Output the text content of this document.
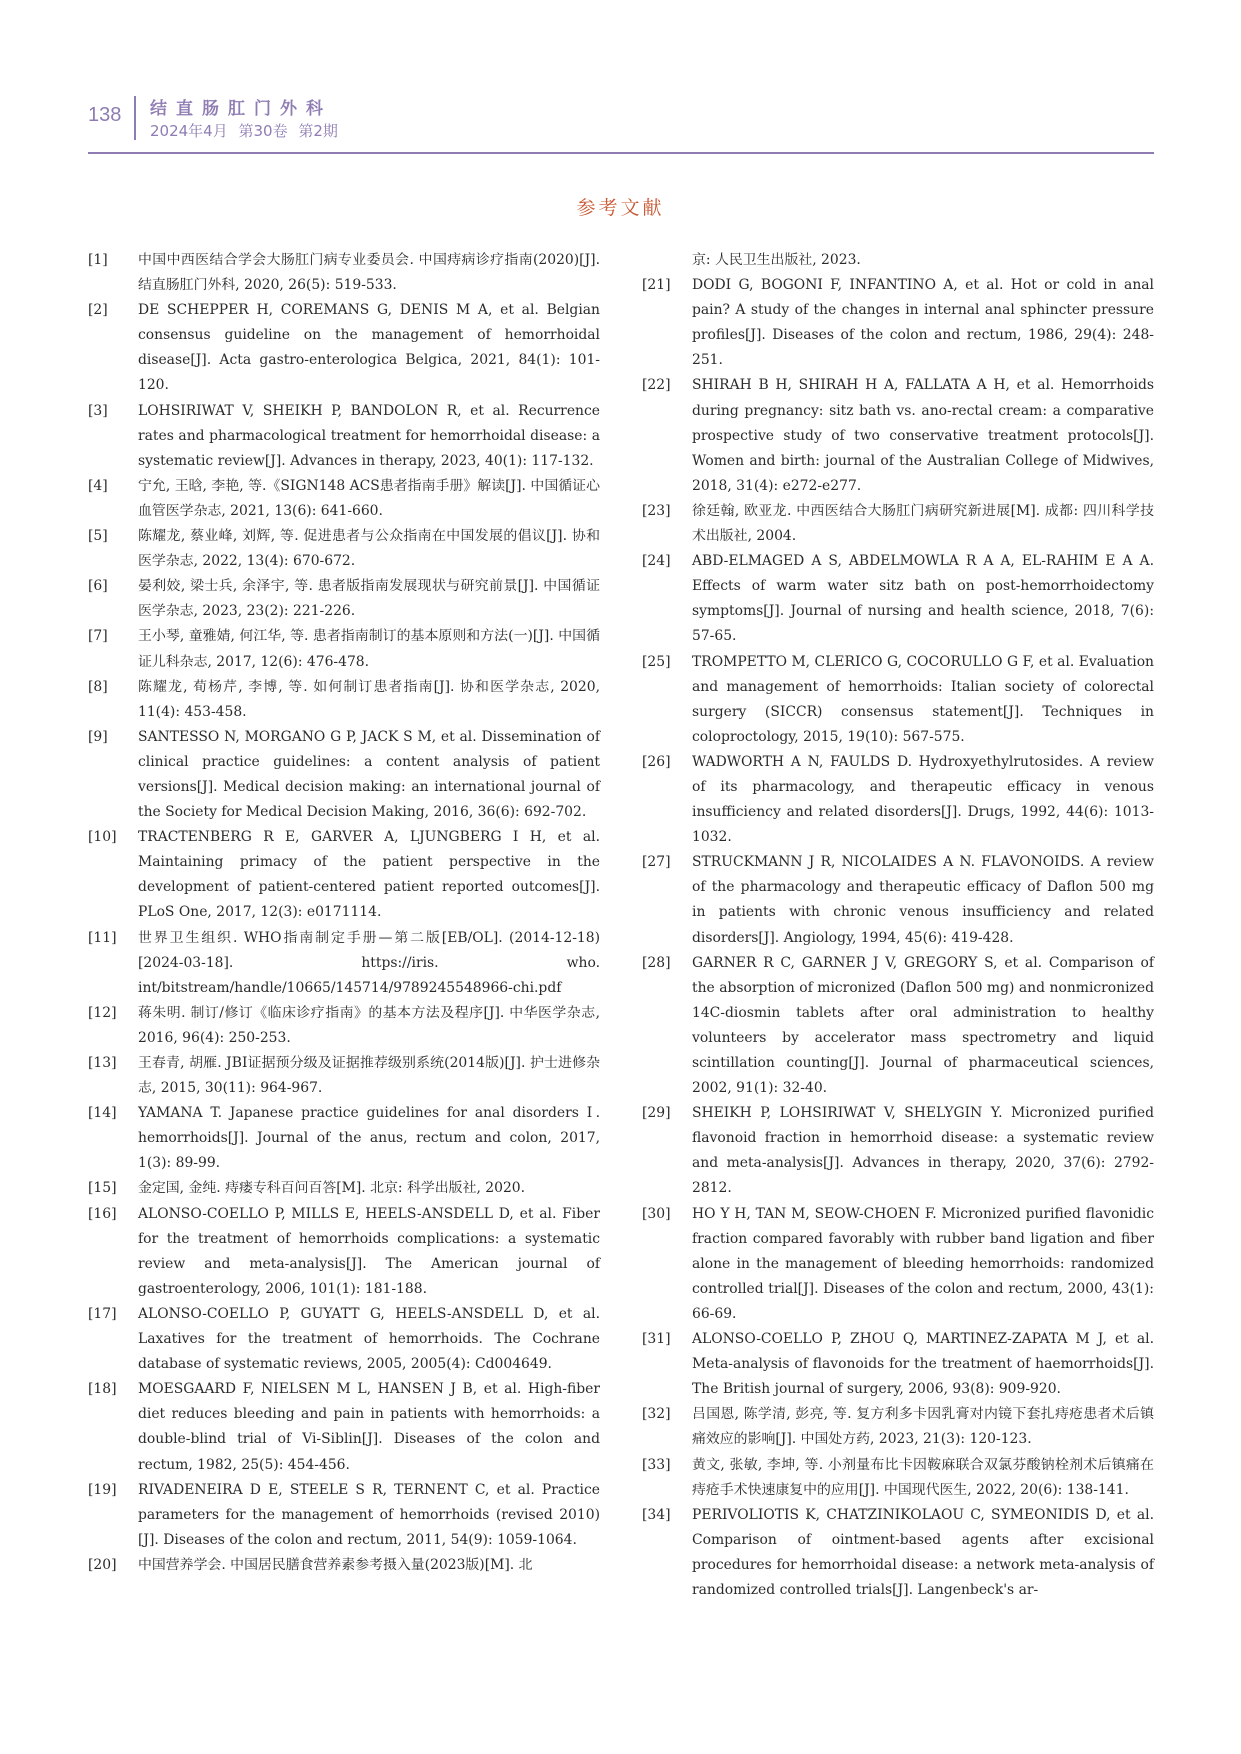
138 结直肠肛门外科
2024年4月 第30卷 第2期
参考文献

[1] 中国中西医结合学会大肠肛门病专业委员会. 中国痔病诊疗指南(2020)[J]. 结直肠肛门外科, 2020, 26(5): 519-533.

[2] DE SCHEPPER H, COREMANS G, DENIS M A, et al. Belgian consensus guideline on the management of hemorrhoidal disease[J]. Acta gastro-enterologica Belgica, 2021, 84(1): 101-120.

[3] LOHSIRIWAT V, SHEIKH P, BANDOLON R, et al. Recurrence rates and pharmacological treatment for hemorrhoidal disease: a systematic review[J]. Advances in therapy, 2023, 40(1): 117-132.

[4] 宁允, 王晗, 李艳, 等.《SIGN148 ACS患者指南手册》解读[J]. 中国循证心血管医学杂志, 2021, 13(6): 641-660.

[5] 陈耀龙, 蔡业峰, 刘辉, 等. 促进患者与公众指南在中国发展的倡议[J]. 协和医学杂志, 2022, 13(4): 670-672.

[6] 晏利姣, 梁士兵, 余泽宇, 等. 患者版指南发展现状与研究前景[J]. 中国循证医学杂志, 2023, 23(2): 221-226.

[7] 王小琴, 童雅婧, 何江华, 等. 患者指南制订的基本原则和方法(一)[J]. 中国循证儿科杂志, 2017, 12(6): 476-478.

[8] 陈耀龙, 荀杨芹, 李博, 等. 如何制订患者指南[J]. 协和医学杂志, 2020, 11(4): 453-458.

[9] SANTESSO N, MORGANO G P, JACK S M, et al. Dissemination of clinical practice guidelines: a content analysis of patient versions[J]. Medical decision making: an international journal of the Society for Medical Decision Making, 2016, 36(6): 692-702.

[10] TRACTENBERG R E, GARVER A, LJUNGBERG I H, et al. Maintaining primacy of the patient perspective in the development of patient-centered patient reported outcomes[J]. PLoS One, 2017, 12(3): e0171114.

[11] 世界卫生组织. WHO指南制定手册—第二版[EB/OL]. (2014-12-18) [2024-03-18]. https://iris. who. int/bitstream/handle/10665/145714/9789245548966-chi.pdf

[12] 蒋朱明. 制订/修订《临床诊疗指南》的基本方法及程序[J]. 中华医学杂志, 2016, 96(4): 250-253.

[13] 王春青, 胡雁. JBI证据预分级及证据推荐级别系统(2014版)[J]. 护士进修杂志, 2015, 30(11): 964-967.

[14] YAMANA T. Japanese practice guidelines for anal disorders Ⅰ. hemorrhoids[J]. Journal of the anus, rectum and colon, 2017, 1(3): 89-99.

[15] 金定国, 金纯. 痔瘘专科百问百答[M]. 北京: 科学出版社, 2020.

[16] ALONSO-COELLO P, MILLS E, HEELS-ANSDELL D, et al. Fiber for the treatment of hemorrhoids complications: a systematic review and meta-analysis[J]. The American journal of gastroenterology, 2006, 101(1): 181-188.

[17] ALONSO-COELLO P, GUYATT G, HEELS-ANSDELL D, et al. Laxatives for the treatment of hemorrhoids. The Cochrane database of systematic reviews, 2005, 2005(4): Cd004649.

[18] MOESGAARD F, NIELSEN M L, HANSEN J B, et al. High-fiber diet reduces bleeding and pain in patients with hemorrhoids: a double-blind trial of Vi-Siblin[J]. Diseases of the colon and rectum, 1982, 25(5): 454-456.

[19] RIVADENEIRA D E, STEELE S R, TERNENT C, et al. Practice parameters for the management of hemorrhoids (revised 2010) [J]. Diseases of the colon and rectum, 2011, 54(9): 1059-1064.

[20] 中国营养学会. 中国居民膳食营养素参考摄入量(2023版)[M]. 北

京: 人民卫生出版社, 2023.

[21] DODI G, BOGONI F, INFANTINO A, et al. Hot or cold in anal pain? A study of the changes in internal anal sphincter pressure profiles[J]. Diseases of the colon and rectum, 1986, 29(4): 248-251.

[22] SHIRAH B H, SHIRAH H A, FALLATA A H, et al. Hemorrhoids during pregnancy: sitz bath vs. ano-rectal cream: a comparative prospective study of two conservative treatment protocols[J]. Women and birth: journal of the Australian College of Midwives, 2018, 31(4): e272-e277.

[23] 徐廷翰, 欧亚龙. 中西医结合大肠肛门病研究新进展[M]. 成都: 四川科学技术出版社, 2004.

[24] ABD-ELMAGED A S, ABDELMOWLA R A A, EL-RAHIM E A A. Effects of warm water sitz bath on post-hemorrhoidectomy symptoms[J]. Journal of nursing and health science, 2018, 7(6): 57-65.

[25] TROMPETTO M, CLERICO G, COCORULLO G F, et al. Evaluation and management of hemorrhoids: Italian society of colorectal surgery (SICCR) consensus statement[J]. Techniques in coloproctology, 2015, 19(10): 567-575.

[26] WADWORTH A N, FAULDS D. Hydroxyethylrutosides. A review of its pharmacology, and therapeutic efficacy in venous insufficiency and related disorders[J]. Drugs, 1992, 44(6): 1013-1032.

[27] STRUCKMANN J R, NICOLAIDES A N. FLAVONOIDS. A review of the pharmacology and therapeutic efficacy of Daflon 500 mg in patients with chronic venous insufficiency and related disorders[J]. Angiology, 1994, 45(6): 419-428.

[28] GARNER R C, GARNER J V, GREGORY S, et al. Comparison of the absorption of micronized (Daflon 500 mg) and nonmicronized 14C-diosmin tablets after oral administration to healthy volunteers by accelerator mass spectrometry and liquid scintillation counting[J]. Journal of pharmaceutical sciences, 2002, 91(1): 32-40.

[29] SHEIKH P, LOHSIRIWAT V, SHELYGIN Y. Micronized purified flavonoid fraction in hemorrhoid disease: a systematic review and meta-analysis[J]. Advances in therapy, 2020, 37(6): 2792-2812.

[30] HO Y H, TAN M, SEOW-CHOEN F. Micronized purified flavonidic fraction compared favorably with rubber band ligation and fiber alone in the management of bleeding hemorrhoids: randomized controlled trial[J]. Diseases of the colon and rectum, 2000, 43(1): 66-69.

[31] ALONSO-COELLO P, ZHOU Q, MARTINEZ-ZAPATA M J, et al. Meta-analysis of flavonoids for the treatment of haemorrhoids[J]. The British journal of surgery, 2006, 93(8): 909-920.

[32] 吕国恩, 陈学清, 彭亮, 等. 复方利多卡因乳膏对内镜下套扎痔疮患者术后镇痛效应的影响[J]. 中国处方药, 2023, 21(3): 120-123.

[33] 黄文, 张敏, 李坤, 等. 小剂量布比卡因鞍麻联合双氯芬酸钠栓剂术后镇痛在痔疮手术快速康复中的应用[J]. 中国现代医生, 2022, 20(6): 138-141.

[34] PERIVOLIOTIS K, CHATZINIKOLAOU C, SYMEONIDIS D, et al. Comparison of ointment-based agents after excisional procedures for hemorrhoidal disease: a network meta-analysis of randomized controlled trials[J]. Langenbeck's ar-
